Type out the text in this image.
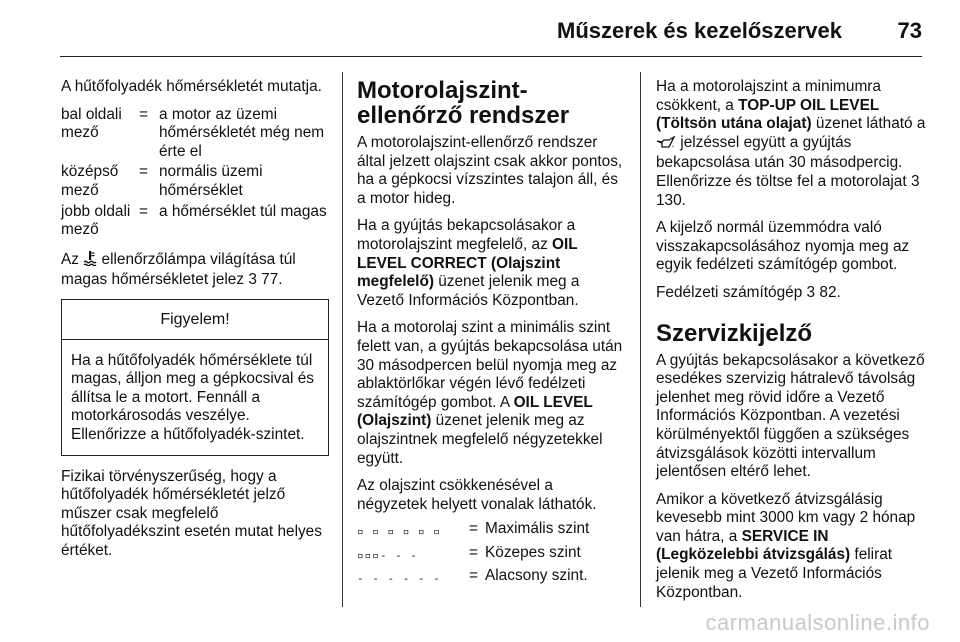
Műszerek és kezelőszervek	73

A hűtőfolyadék hőmérsékletét mutatja.

bal oldali mező
= a motor az üzemi hőmérsékletét még nem érte el
középső mező
= normális üzemi hőmérséklet
jobb oldali mező
= a hőmérséklet túl magas

Az  ellenőrzőlámpa világítása túl magas hőmérsékletet jelez 3 77.

Figyelem!
Ha a hűtőfolyadék hőmérséklete túl magas, álljon meg a gépkocsival és állítsa le a motort. Fennáll a motorkárosodás veszélye. Ellenőrizze a hűtőfolyadék-szintet.

Fizikai törvényszerűség, hogy a hűtőfolyadék hőmérsékletét jelző műszer csak megfelelő hűtőfolyadékszint esetén mutat helyes értéket.

Motorolajszint-ellenőrző rendszer

A motorolajszint-ellenőrző rendszer által jelzett olajszint csak akkor pontos, ha a gépkocsi vízszintes talajon áll, és a motor hideg.

Ha a gyújtás bekapcsolásakor a motorolajszint megfelelő, az OIL LEVEL CORRECT (Olajszint megfelelő) üzenet jelenik meg a Vezető Információs Központban.

Ha a motorolaj szint a minimális szint felett van, a gyújtás bekapcsolása után 30 másodpercen belül nyomja meg az ablaktörlőkar végén lévő fedélzeti számítógép gombot. A OIL LEVEL (Olajszint) üzenet jelenik meg az olajszintnek megfelelő négyzetekkel együtt.

Az olajszint csökkenésével a négyzetek helyett vonalak láthatók.

▫ ▫ ▫ ▫ ▫ ▫	= Maximális szint
▫▫▫- - -	= Közepes szint
- - - - - -	= Alacsony szint.

Ha a motorolajszint a minimumra csökkent, a TOP-UP OIL LEVEL (Töltsön utána olajat) üzenet látható a  jelzéssel együtt a gyújtás bekapcsolása után 30 másodpercig. Ellenőrizze és töltse fel a motorolajat 3 130.

A kijelző normál üzemmódra való visszakapcsolásához nyomja meg az egyik fedélzeti számítógép gombot.

Fedélzeti számítógép 3 82.

Szervizkijelző

A gyújtás bekapcsolásakor a következő esedékes szervizig hátralevő távolság jelenhet meg rövid időre a Vezető Információs Központban. A vezetési körülményektől függően a szükséges átvizsgálások közötti intervallum jelentősen eltérő lehet.

Amikor a következő átvizsgálásig kevesebb mint 3000 km vagy 2 hónap van hátra, a SERVICE IN (Legközelebbi átvizsgálás) felirat jelenik meg a Vezető Információs Központban.

carmanualsonline.info
